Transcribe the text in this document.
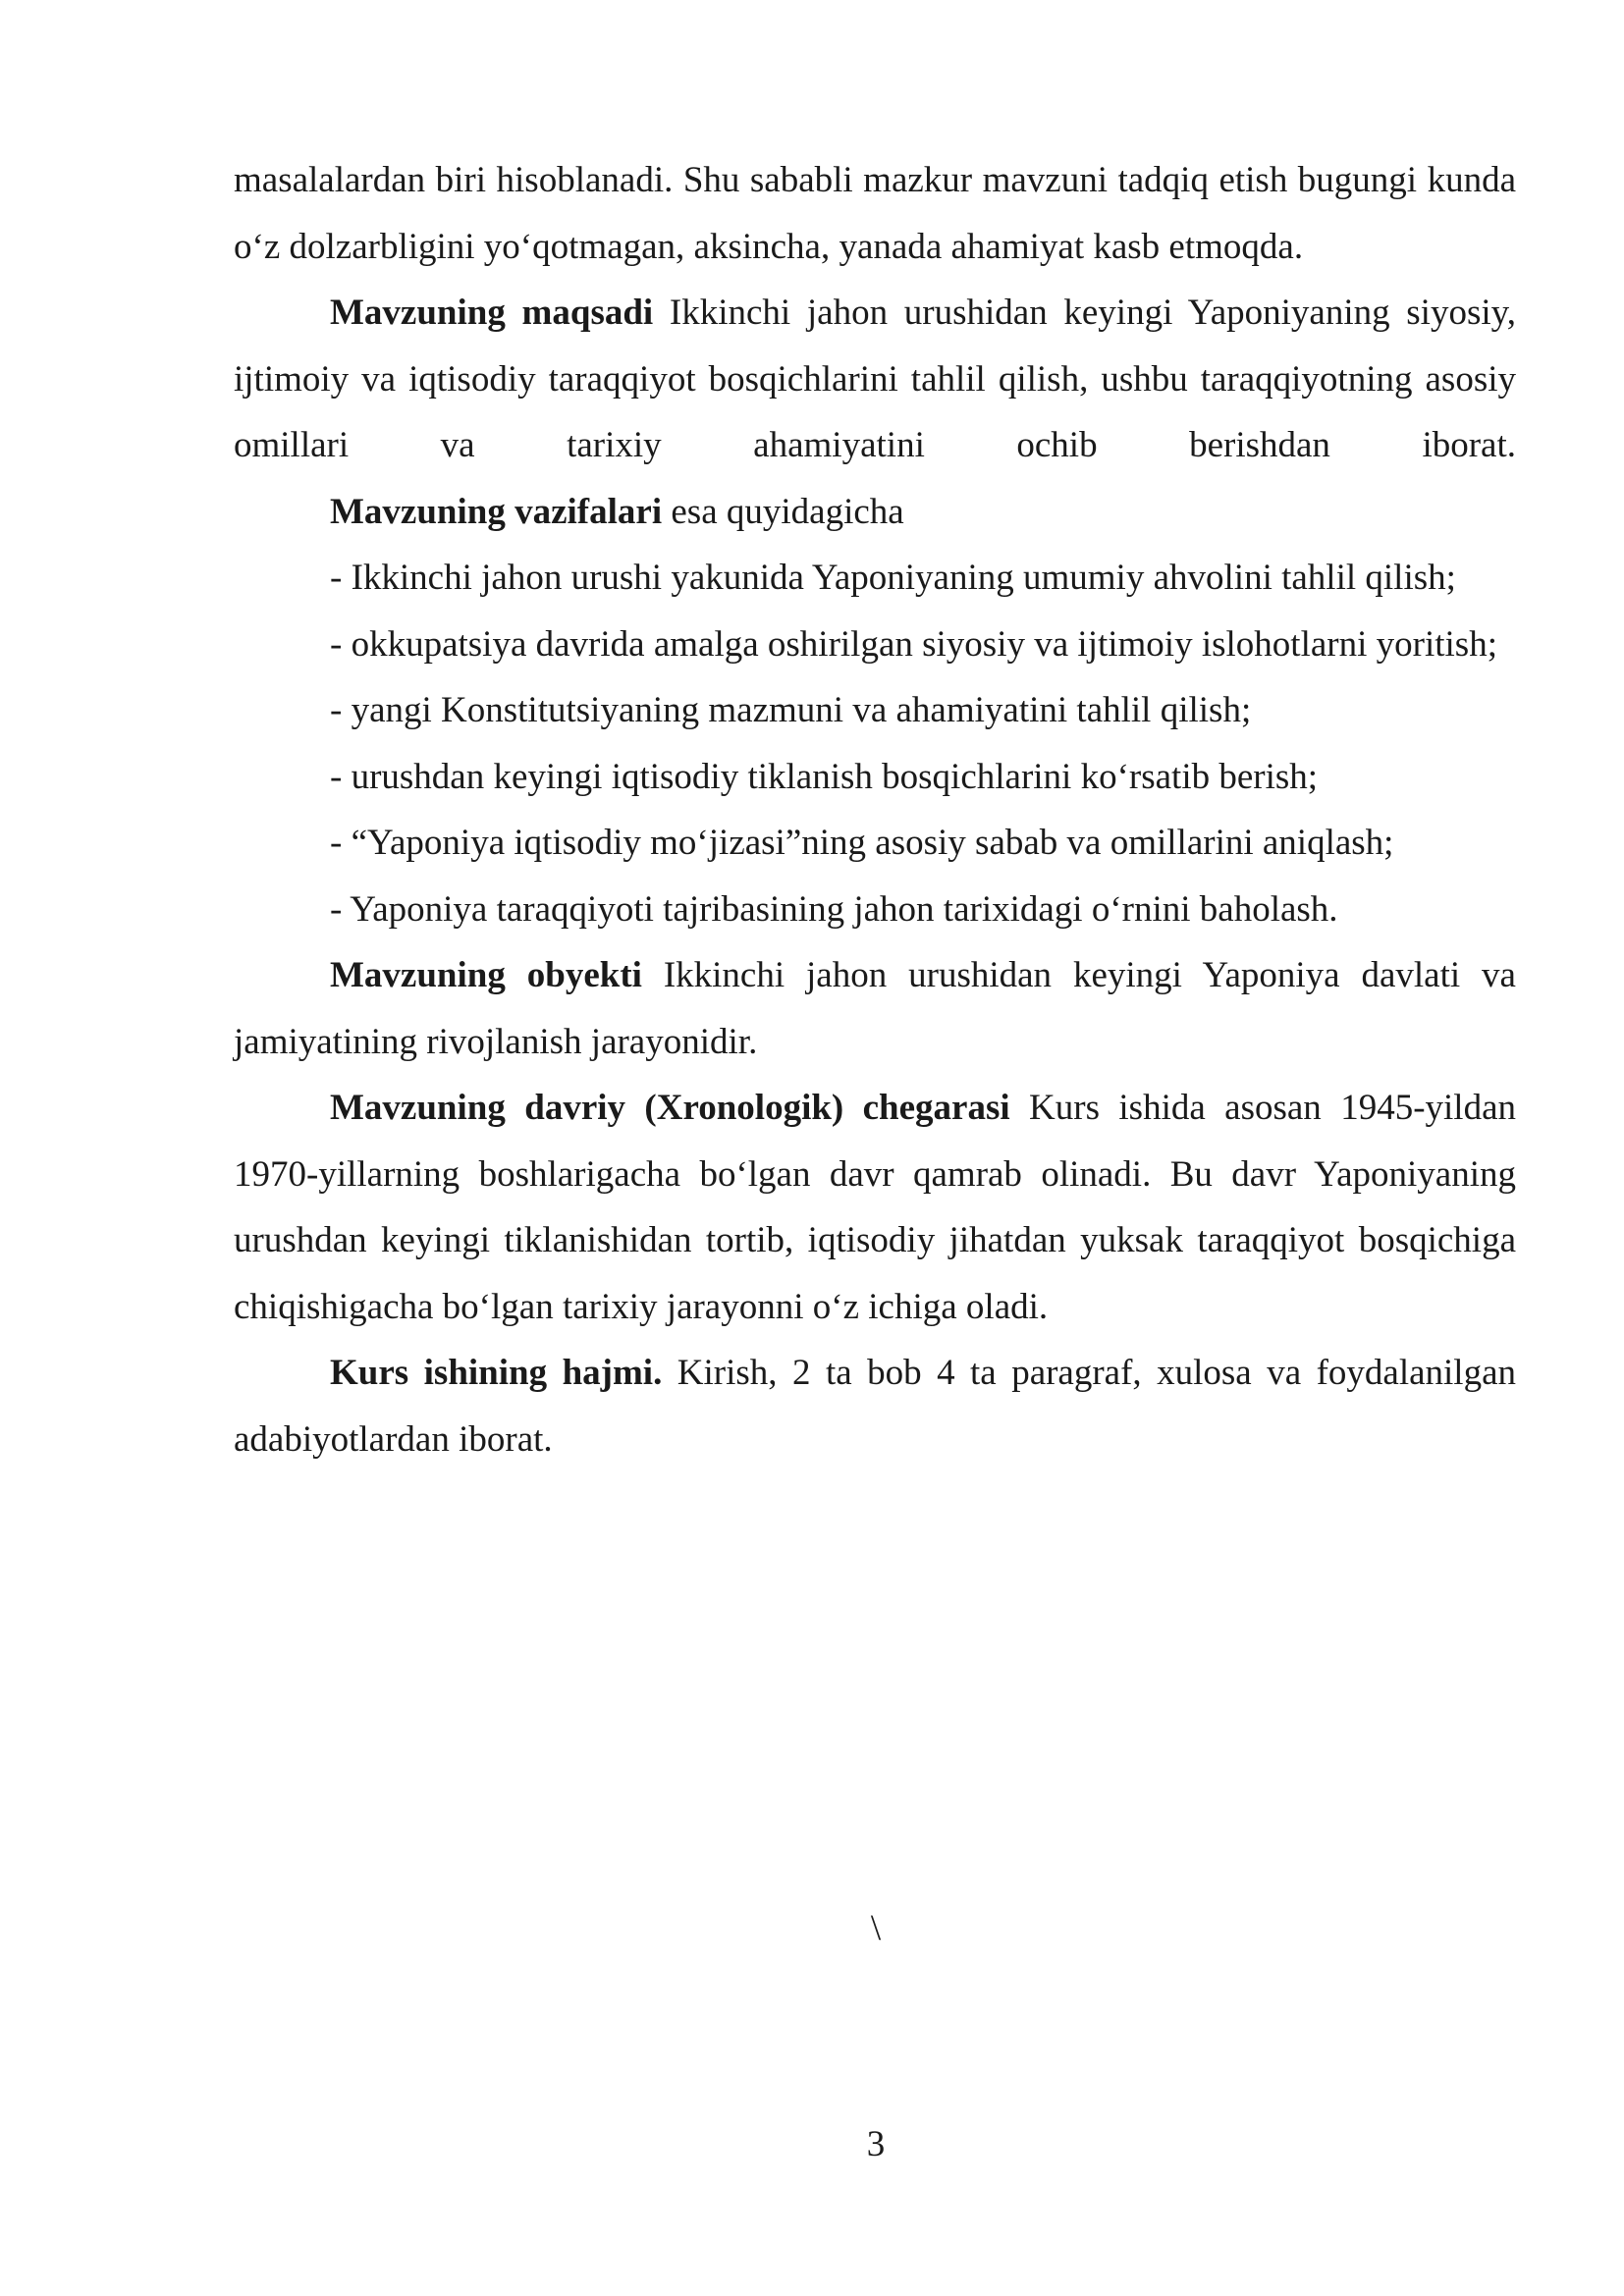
masalalardan biri hisoblanadi. Shu sababli mazkur mavzuni tadqiq etish bugungi kunda o‘z dolzarbligini yo‘qotmagan, aksincha, yanada ahamiyat kasb etmoqda.

Mavzuning maqsadi Ikkinchi jahon urushidan keyingi Yaponiyaning siyosiy, ijtimoiy va iqtisodiy taraqqiyot bosqichlarini tahlil qilish, ushbu taraqqiyotning asosiy omillari va tarixiy ahamiyatini ochib berishdan iborat.

Mavzuning vazifalari esa quyidagicha

- Ikkinchi jahon urushi yakunida Yaponiyaning umumiy ahvolini tahlil qilish;

- okkupatsiya davrida amalga oshirilgan siyosiy va ijtimoiy islohotlarni yoritish;

- yangi Konstitutsiyaning mazmuni va ahamiyatini tahlil qilish;

- urushdan keyingi iqtisodiy tiklanish bosqichlarini ko‘rsatib berish;

- “Yaponiya iqtisodiy mo‘jizasi”ning asosiy sabab va omillarini aniqlash;

- Yaponiya taraqqiyoti tajribasining jahon tarixidagi o‘rnini baholash.

Mavzuning obyekti Ikkinchi jahon urushidan keyingi Yaponiya davlati va jamiyatining rivojlanish jarayonidir.

Mavzuning davriy (Xronologik) chegarasi Kurs ishida asosan 1945-yildan 1970-yillarning boshlarigacha bo‘lgan davr qamrab olinadi. Bu davr Yaponiyaning urushdan keyingi tiklanishidan tortib, iqtisodiy jihatdan yuksak taraqqiyot bosqichiga chiqishigacha bo‘lgan tarixiy jarayonni o‘z ichiga oladi.

Kurs ishining hajmi. Kirish, 2 ta bob 4 ta paragraf, xulosa va foydalanilgan adabiyotlardan iborat.

\
3
